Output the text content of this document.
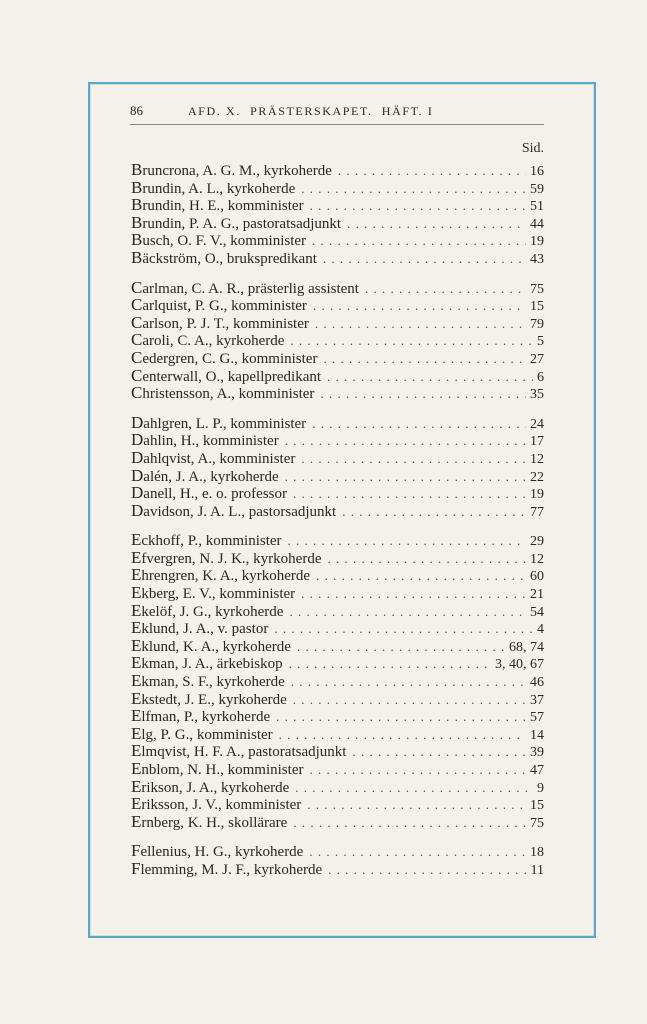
86	AFD. X.  PRÄSTERSKAPET.  HÄFT. I
Sid.
Bruncrona, A. G. M., kyrkoherde . . .	16
Brundin, A. L., kyrkoherde . . .	59
Brundin, H. E., komminister . . .	51
Brundin, P. A. G., pastoratsadjunkt . . .	44
Busch, O. F. V., komminister . . .	19
Bäckström, O., brukspredikant . . .	43
Carlman, C. A. R., prästerlig assistent . . .	75
Carlquist, P. G., komminister . . .	15
Carlson, P. J. T., komminister . . .	79
Caroli, C. A., kyrkoherde . . .	5
Cedergren, C. G., komminister . . .	27
Centerwall, O., kapellpredikant . . .	6
Christensson, A., komminister . . .	35
Dahlgren, L. P., komminister . . .	24
Dahlin, H., komminister . . .	17
Dahlqvist, A., komminister . . .	12
Dalén, J. A., kyrkoherde . . .	22
Danell, H., e. o. professor . . .	19
Davidson, J. A. L., pastorsadjunkt . . .	77
Eckhoff, P., komminister . . .	29
Efvergren, N. J. K., kyrkoherde . . .	12
Ehrengren, K. A., kyrkoherde . . .	60
Ekberg, E. V., komminister . . .	21
Ekelöf, J. G., kyrkoherde . . .	54
Eklund, J. A., v. pastor . . .	4
Eklund, K. A., kyrkoherde . . .	68, 74
Ekman, J. A., ärkebiskop . . .	3, 40, 67
Ekman, S. F., kyrkoherde . . .	46
Ekstedt, J. E., kyrkoherde . . .	37
Elfman, P., kyrkoherde . . .	57
Elg, P. G., komminister . . .	14
Elmqvist, H. F. A., pastoratsadjunkt . . .	39
Enblom, N. H., komminister . . .	47
Erikson, J. A., kyrkoherde . . .	9
Eriksson, J. V., komminister . . .	15
Ernberg, K. H., skollärare . . .	75
Fellenius, H. G., kyrkoherde . . .	18
Flemming, M. J. F., kyrkoherde . . .	11
